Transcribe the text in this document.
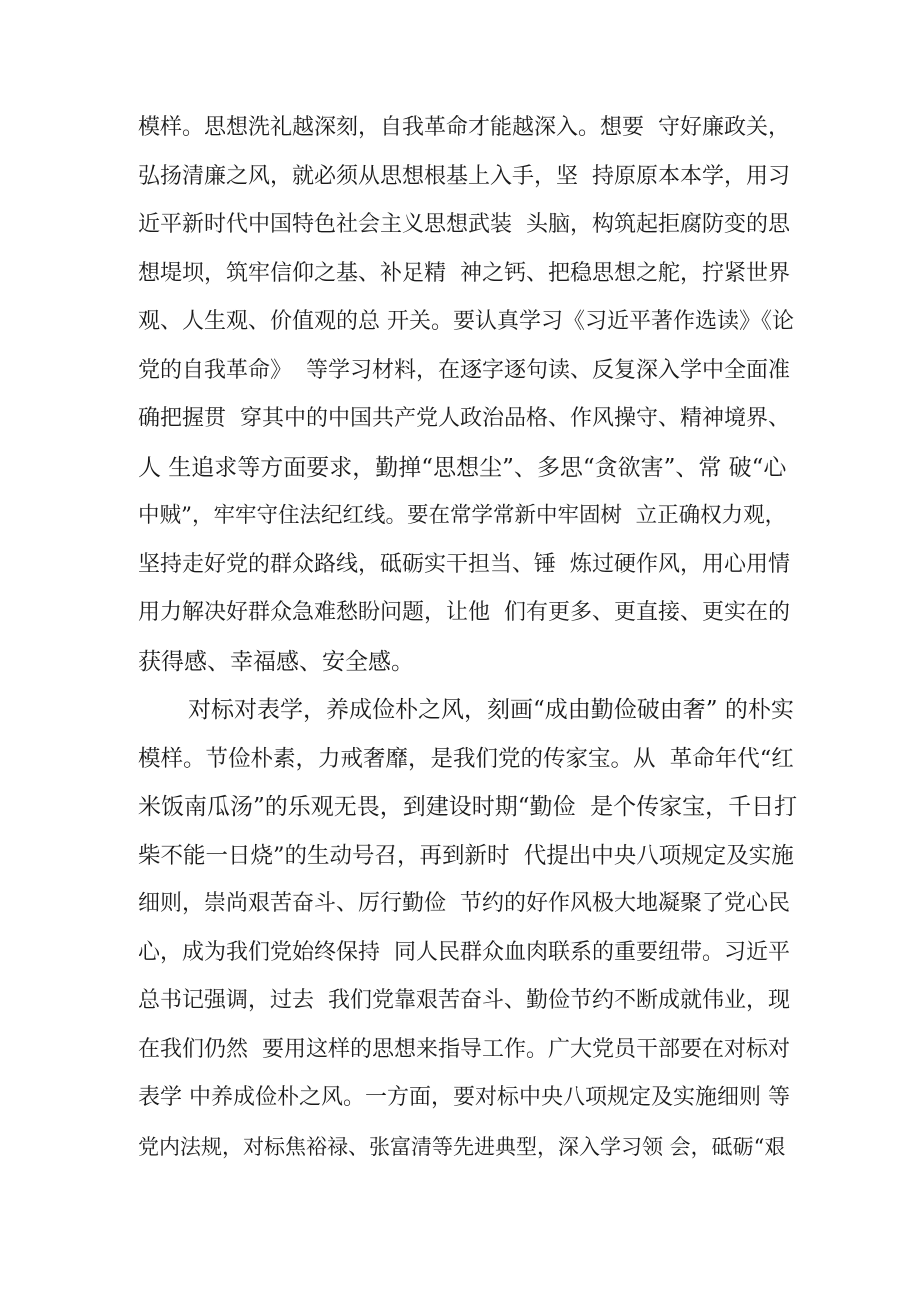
模样。思想洗礼越深刻，自我革命才能越深入。想要  守好廉政关，
弘扬清廉之风，就必须从思想根基上入手，坚  持原原本本学，用习
近平新时代中国特色社会主义思想武装  头脑，构筑起拒腐防变的思
想堤坝，筑牢信仰之基、补足精  神之钙、把稳思想之舵，拧紧世界
观、人生观、价值观的总 开关。要认真学习《习近平著作选读》《论
党的自我革命》  等学习材料，在逐字逐句读、反复深入学中全面准
确把握贯  穿其中的中国共产党人政治品格、作风操守、精神境界、
人 生追求等方面要求，勤掸“思想尘”、多思“贪欲害”、常 破“心
中贼”，牢牢守住法纪红线。要在常学常新中牢固树  立正确权力观，
坚持走好党的群众路线，砥砺实干担当、锤  炼过硬作风，用心用情
用力解决好群众急难愁盼问题，让他  们有更多、更直接、更实在的
获得感、幸福感、安全感。
对标对表学，养成俭朴之风，刻画“成由勤俭破由奢” 的朴实
模样。节俭朴素，力戒奢靡，是我们党的传家宝。从  革命年代“红
米饭南瓜汤”的乐观无畏，到建设时期“勤俭  是个传家宝，千日打
柴不能一日烧”的生动号召，再到新时  代提出中央八项规定及实施
细则，崇尚艰苦奋斗、厉行勤俭  节约的好作风极大地凝聚了党心民
心，成为我们党始终保持  同人民群众血肉联系的重要纽带。习近平
总书记强调，过去  我们党靠艰苦奋斗、勤俭节约不断成就伟业，现
在我们仍然  要用这样的思想来指导工作。广大党员干部要在对标对
表学 中养成俭朴之风。一方面，要对标中央八项规定及实施细则 等
党内法规，对标焦裕禄、张富清等先进典型，深入学习领 会，砥砺“艰
